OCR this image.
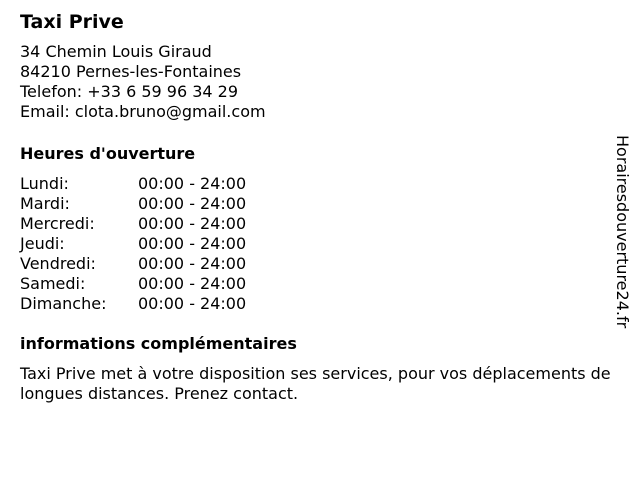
Taxi Prive
34 Chemin Louis Giraud
84210 Pernes-les-Fontaines
Telefon: +33 6 59 96 34 29
Email: clota.bruno@gmail.com
Heures d'ouverture
Lundi:	00:00 - 24:00
Mardi:	00:00 - 24:00
Mercredi:	00:00 - 24:00
Jeudi:	00:00 - 24:00
Vendredi:	00:00 - 24:00
Samedi:	00:00 - 24:00
Dimanche:	00:00 - 24:00
informations complémentaires
Taxi Prive met à votre disposition ses services, pour vos déplacements de longues distances. Prenez contact.
Horairesdouverture24.fr
